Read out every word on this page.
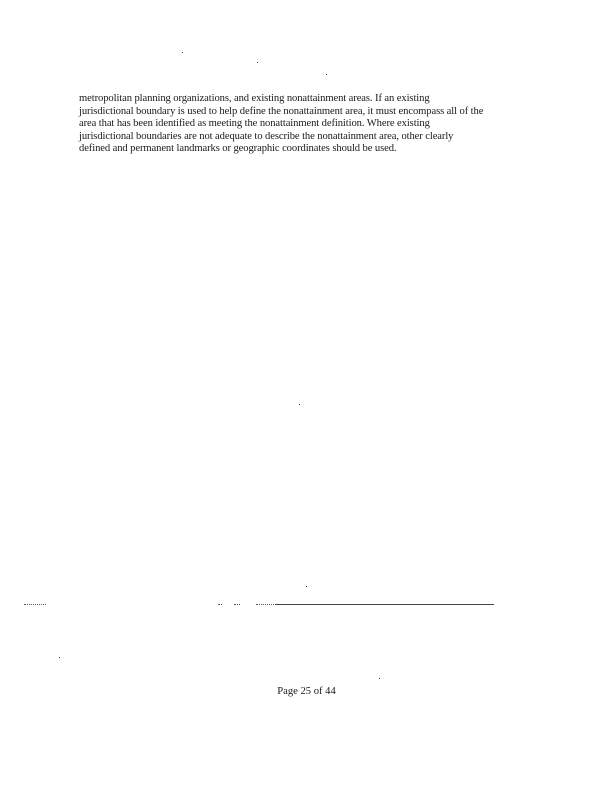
metropolitan planning organizations, and existing nonattainment areas. If an existing
jurisdictional boundary is used to help define the nonattainment area, it must encompass all of the
area that has been identified as meeting the nonattainment definition. Where existing
jurisdictional boundaries are not adequate to describe the nonattainment area, other clearly
defined and permanent landmarks or geographic coordinates should be used.
Page 25 of 44
